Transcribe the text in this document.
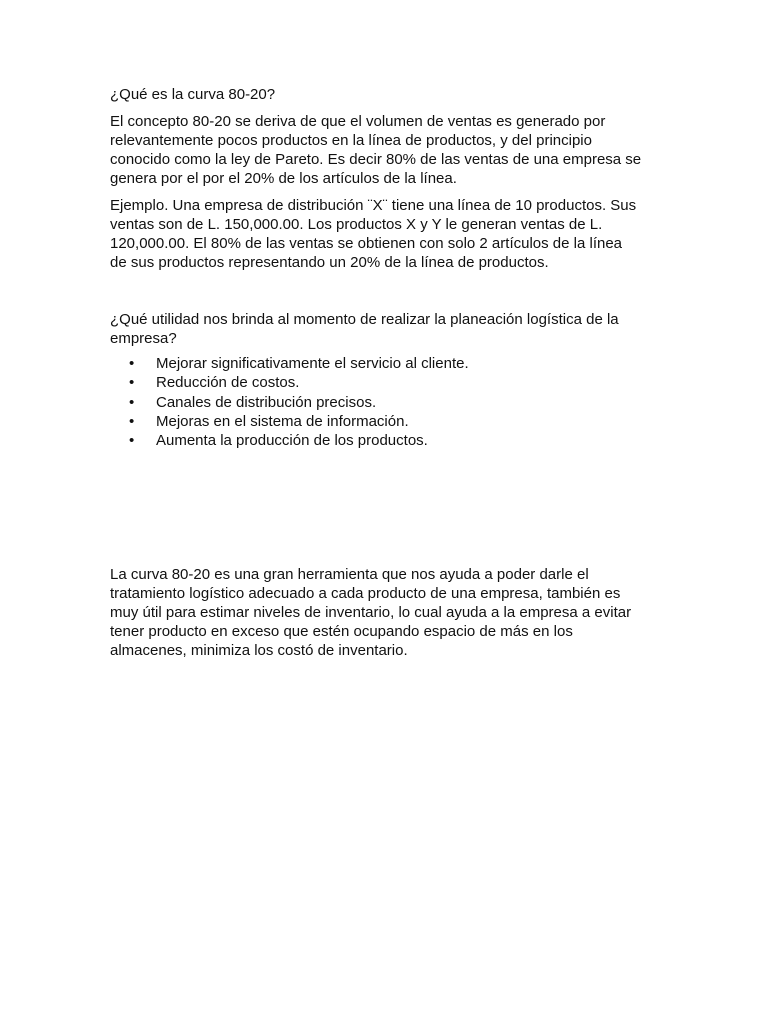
¿Qué es la curva 80-20?

El concepto 80-20 se deriva de que el volumen de ventas es generado por
relevantemente pocos productos en la línea de productos, y del principio
conocido como la ley de Pareto. Es decir 80% de las ventas de una empresa se
genera por el por el 20% de los artículos de la línea.

Ejemplo. Una empresa de distribución ¨X¨ tiene una línea de 10 productos. Sus
ventas son de L. 150,000.00. Los productos X y Y le generan ventas de L.
120,000.00. El 80% de las ventas se obtienen con solo 2 artículos de la línea
de sus productos representando un 20% de la línea de productos.

¿Qué utilidad nos brinda al momento de realizar la planeación logística de la
empresa?

• Mejorar significativamente el servicio al cliente.
• Reducción de costos.
• Canales de distribución precisos.
• Mejoras en el sistema de información.
• Aumenta la producción de los productos.

La curva 80-20 es una gran herramienta que nos ayuda a poder darle el
tratamiento logístico adecuado a cada producto de una empresa, también es
muy útil para estimar niveles de inventario, lo cual ayuda a la empresa a evitar
tener producto en exceso que estén ocupando espacio de más en los
almacenes, minimiza los costó de inventario.
